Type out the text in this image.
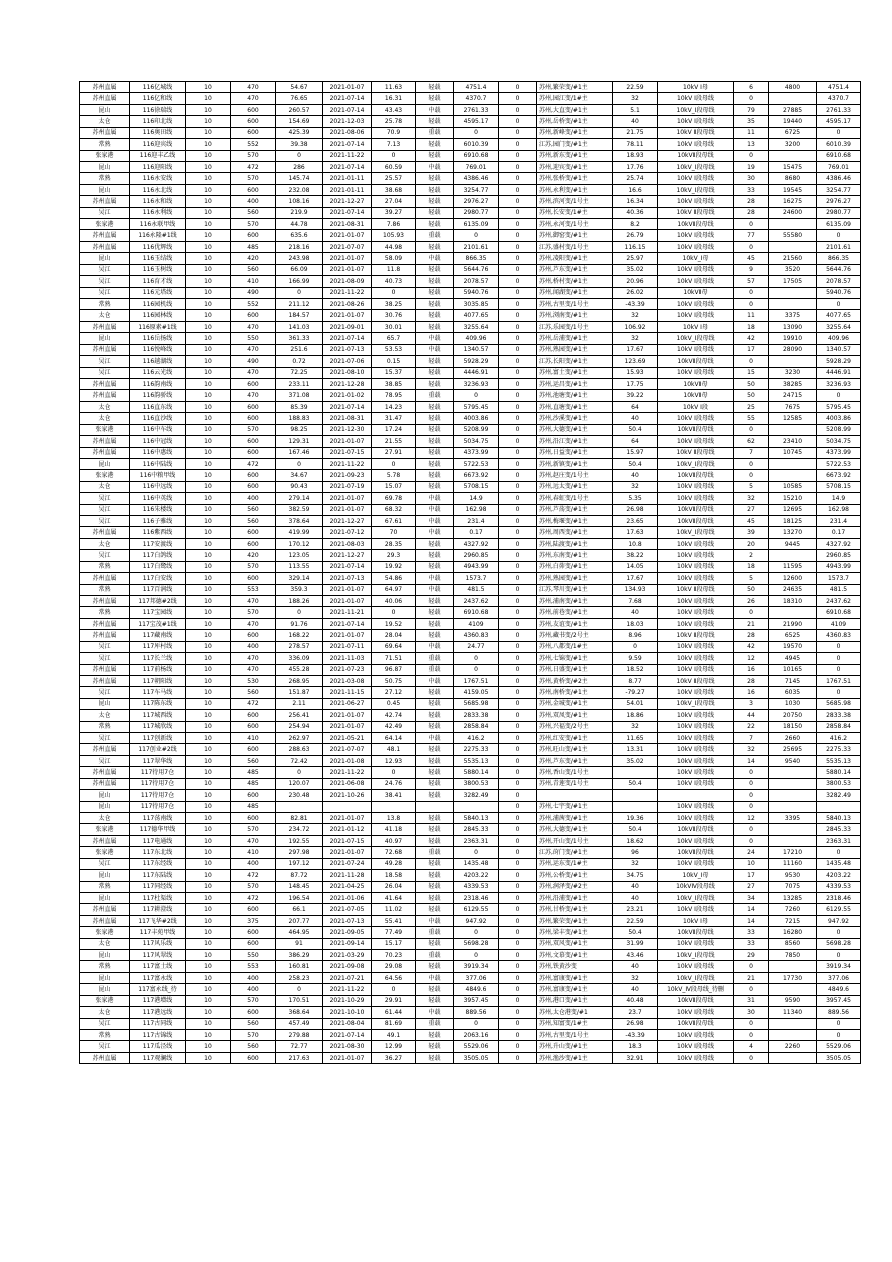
苏州直属	116亿城线	10	470	54.67	2021-01-07	11.63	轻载	4751.4	0	苏州,繁荣变/#1主	22.59	10kV Ⅰ母	6	4800	4751.4
苏州直属	116亿和线	10	470	76.65	2021-07-14	16.31	轻载	4370.7	0	苏州,园江变/1#主	32	10kV Ⅰ段母线	0		4370.7
昆山	116徐瑞线	10	600	260.57	2021-07-14	43.43	中载	2761.33	0	苏州,大直变/#1主	5.1	10kV_Ⅰ段母线	79	27885	2761.33
太仓	116印北线	10	600	154.69	2021-12-03	25.78	轻载	4595.17	0	苏州,岳桥变/#1主	40	10kV Ⅰ段母线	35	19440	4595.17
苏州直属	116奥田线	10	600	425.39	2021-08-06	70.9	重载	0	0	苏州,新峰变/#1主	21.75	10kV Ⅱ段母线	11	6725	0
常熟	116迎宾线	10	552	39.38	2021-07-14	7.13	轻载	6010.39	0	江苏,园门变/#1主	78.11	10kV Ⅰ段母线	13	3200	6010.39
张家港	116迎丰乙线	10	570	0	2021-11-22	0	轻载	6910.68	0	苏州,新东变/#1主	18.93	10kVⅡ段母线	0		6910.68
昆山	116迎阳线	10	472	286	2021-07-14	60.59	中载	769.01	0	苏州,迎宾变/#1主	17.76	10kV_Ⅰ段母线	19	15475	769.01
常熟	116永安线	10	570	145.74	2021-01-11	25.57	轻载	4386.46	0	苏州,张桥变/#1主	25.74	10kV Ⅰ段母线	30	8680	4386.46
昆山	116永北线	10	600	232.08	2021-01-11	38.68	轻载	3254.77	0	苏州,永利变/#1主	16.6	10kV_Ⅰ段母线	33	19545	3254.77
苏州直属	116永和线	10	400	108.16	2021-12-27	27.04	轻载	2976.27	0	苏州,滨河变/1号主	16.34	10kV Ⅰ段母线	28	16275	2976.27
吴江	116永利线	10	560	219.9	2021-07-14	39.27	轻载	2980.77	0	苏州,长安变/1#主	40.36	10kV Ⅱ段母线	28	24600	2980.77
张家港	116永联甲线	10	570	44.78	2021-08-31	7.86	轻载	6135.09	0	苏州,永河变/1号主	8.2	10kVⅡ段母线	0		6135.09
苏州直属	116永隆#1线	10	600	635.6	2021-01-07	105.93	重载	0	0	苏州,御窑变/#1主	26.79	10kV Ⅰ段母线	77	55580	0
苏州直属	116优辉线	10	485	218.16	2021-07-07	44.98	轻载	2101.61	0	江苏,盛村变/1号主	116.15	10kV Ⅰ段母线	0		2101.61
昆山	116玉结线	10	420	243.98	2021-01-07	58.09	中载	866.35	0	苏州,凌阳变/#1主	25.97	10kV_Ⅰ母	45	21560	866.35
吴江	116玉树线	10	560	66.09	2021-01-07	11.8	轻载	5644.76	0	苏州,芦东变/#1主	35.02	10kV Ⅰ段母线	9	3520	5644.76
吴江	116育才线	10	410	166.99	2021-08-09	40.73	轻载	2078.57	0	苏州,桥村变/#1主	20.96	10kV Ⅰ段母线	57	17505	2078.57
吴江	116元塔线	10	490	0	2021-11-22	0	轻载	5940.76	0	苏州,闻湖变/#1主	26.02	10kVⅡ母	0		5940.76
常熟	116园机线	10	552	211.12	2021-08-26	38.25	轻载	3035.85	0	苏州,古里变/1号主	-43.39	10kV Ⅰ段母线	0		0
太仓	116园林线	10	600	184.57	2021-01-07	30.76	轻载	4077.65	0	苏州,浏南变/#1主	32	10kV Ⅰ段母线	11	3375	4077.65
苏州直属	116原素#1线	10	470	141.03	2021-09-01	30.01	轻载	3255.64	0	江苏,乐园变/1号主	106.92	10kV Ⅰ母	18	13090	3255.64
昆山	116岳扬线	10	550	361.33	2021-07-14	65.7	中载	409.96	0	苏州,岳浦变/#1主	32	10kV_Ⅰ段母线	42	19910	409.96
苏州直属	116悦峰线	10	470	251.6	2021-07-13	53.53	中载	1340.57	0	苏州,熟园变/#1主	17.67	10kV Ⅰ段母线	17	28090	1340.57
吴江	116越湖线	10	490	0.72	2021-07-06	0.15	轻载	5928.29	0	江苏,长阳变/#1主	123.69	10kVⅡ段母线	0		5928.29
吴江	116云光线	10	470	72.25	2021-08-10	15.37	轻载	4446.91	0	苏州,富土变/#1主	15.93	10kV Ⅰ段母线	15	3230	4446.91
苏州直属	116韵南线	10	600	233.11	2021-12-28	38.85	轻载	3236.93	0	苏州,运昌变/#1主	17.75	10kVⅡ母	50	38285	3236.93
苏州直属	116韵骄线	10	470	371.08	2021-01-02	78.95	重载	0	0	苏州,池塘变/#1主	39.22	10kVⅡ母	50	24715	0
太仓	116直东线	10	600	85.39	2021-07-14	14.23	轻载	5795.45	0	苏州,直塘变/#1主	64	10kV Ⅰ段	25	7675	5795.45
太仓	116直沙线	10	600	188.83	2021-08-31	31.47	轻载	4003.86	0	苏州,沙溪变/#1主	40	10kV Ⅰ段母线	55	12585	4003.86
张家港	116中车线	10	570	98.25	2021-12-30	17.24	轻载	5208.99	0	苏州,大德变/#1主	50.4	10kVⅡ段母线	0		5208.99
苏州直属	116中冠线	10	600	129.31	2021-01-07	21.55	轻载	5034.75	0	苏州,沿江变/#1主	64	10kV Ⅰ段母线	62	23410	5034.75
苏州直属	116中惠线	10	600	167.46	2021-07-15	27.91	轻载	4373.99	0	苏州,日益变/#1主	15.97	10kV Ⅱ段母线	7	10745	4373.99
昆山	116中陆线	10	472	0	2021-11-22	0	轻载	5722.53	0	苏州,新镇变/#1主	50.4	10kV_Ⅰ段母线	0		5722.53
张家港	116中粮甲线	10	600	34.67	2021-09-23	5.78	轻载	6673.92	0	苏州,赵庄变/1号主	40	10kVⅡ段母线	0		6673.92
太仓	116中远线	10	600	90.43	2021-07-19	15.07	轻载	5708.15	0	苏州,远太变/#1主	32	10kV Ⅰ段母线	5	10585	5708.15
吴江	116中英线	10	400	279.14	2021-01-07	69.78	中载	14.9	0	苏州,春虹变/1号主	5.35	10kV Ⅰ段母线	32	15210	14.9
吴江	116朱楼线	10	560	382.59	2021-01-07	68.32	中载	162.98	0	苏州,芦荡变/#1主	26.98	10kVⅡ段母线	27	12695	162.98
吴江	116子雅线	10	560	378.64	2021-12-27	67.61	中载	231.4	0	苏州,梅堰变/#1主	23.65	10kVⅡ段母线	45	18125	231.4
苏州直属	116紫西线	10	600	419.99	2021-07-12	70	中载	0.17	0	苏州,周西变/#1主	17.63	10kV_Ⅰ段母线	39	13270	0.17
太仓	117安渡线	10	600	170.12	2021-08-03	28.35	轻载	4327.92	0	苏州,陆渡变/#1主	10.8	10kV Ⅰ段母线	20	9445	4327.92
吴江	117白鸽线	10	420	123.05	2021-12-27	29.3	轻载	2960.85	0	苏州,东南变/#1主	38.22	10kV Ⅰ段母线	2		2960.85
常熟	117白鹭线	10	570	113.55	2021-07-14	19.92	轻载	4943.99	0	苏州,白茆变/#1主	14.05	10kV Ⅰ段母线	18	11595	4943.99
苏州直属	117白安线	10	600	329.14	2021-07-13	54.86	中载	1573.7	0	苏州,熟园变/#1主	17.67	10kV Ⅰ段母线	5	12600	1573.7
常熟	117百润线	10	553	359.3	2021-01-07	64.97	中载	481.5	0	江苏,琴川变/#1主	134.93	10kV Ⅱ段母线	50	24635	481.5
苏州直属	117邦德#2线	10	470	188.26	2021-01-07	40.06	轻载	2437.62	0	苏州,浦南变/#1主	7.68	10kV Ⅰ段母线	26	18310	2437.62
常熟	117宝园线	10	570	0	2021-11-21	0	轻载	6910.68	0	苏州,前巷变/#1主	40	10kV Ⅰ段母线	0		6910.68
苏州直属	117宝茂#1线	10	470	91.76	2021-07-14	19.52	轻载	4109	0	苏州,友谊变/#1主	18.03	10kV Ⅰ段母线	21	21990	4109
苏州直属	117藏南线	10	600	168.22	2021-01-07	28.04	轻载	4360.83	0	苏州,藏书变/2号主	8.96	10kV Ⅱ段母线	28	6525	4360.83
吴江	117厍村线	10	400	278.57	2021-07-11	69.64	中载	24.77	0	苏州,八都变/1#主	0	10kV Ⅰ段母线	42	19570	0
吴江	117长兰线	10	470	336.09	2021-11-03	71.51	重载	0	0	苏州,七锦变/#1主	9.59	10kV Ⅰ段母线	12	4945	0
苏州直属	117前杨线	10	470	455.28	2021-07-23	96.87	重载	0	0	苏州,日盛变/#1主	18.52	10kV Ⅰ段母线	16	10165	0
苏州直属	117朝阳线	10	530	268.95	2021-03-08	50.75	中载	1767.51	0	苏州,黄桥变/#2主	8.77	10kV Ⅱ段母线	28	7145	1767.51
吴江	117车马线	10	560	151.87	2021-11-15	27.12	轻载	4159.05	0	苏州,南桥变/#1主	-79.27	10kV Ⅰ段母线	16	6035	0
昆山	117陈东线	10	472	2.11	2021-06-27	0.45	轻载	5685.98	0	苏州,金城变/#1主	54.01	10kV_Ⅰ段母线	3	1030	5685.98
太仓	117城西线	10	600	256.41	2021-01-07	42.74	轻载	2833.38	0	苏州,双凤变/#1主	18.86	10kV Ⅰ段母线	44	20750	2833.38
常熟	117城欣线	10	600	254.94	2021-01-07	42.49	轻载	2858.84	0	苏州,兴福变/2号主	32	10kV Ⅰ段母线	22	18150	2858.84
吴江	117创新线	10	410	262.97	2021-05-21	64.14	中载	416.2	0	苏州,红安变/#1主	11.65	10kV Ⅰ段母线	7	2660	416.2
苏州直属	117创业#2线	10	600	288.63	2021-07-07	48.1	轻载	2275.33	0	苏州,旺山变/#1主	13.31	10kV Ⅰ段母线	32	25695	2275.33
吴江	117翠华线	10	560	72.42	2021-01-08	12.93	轻载	5535.13	0	苏州,芦东变/#1主	35.02	10kV Ⅰ段母线	14	9540	5535.13
苏州直属	117待用7仓	10	485	0	2021-11-22	0	轻载	5880.14	0	苏州,香山变/1号主		10kV Ⅰ段母线	0		5880.14
苏州直属	117待用7仓	10	485	120.07	2021-06-08	24.76	轻载	3800.53	0	苏州,青莲变/1号主	50.4	10kV Ⅰ段母线	0		3800.53
昆山	117待用7仓	10	600	230.48	2021-10-26	38.41	轻载	3282.49	0				0		3282.49
昆山	117待用7仓	10	485						0	苏州,七宇变/#1主		10kV Ⅰ段母线	0		
太仓	117荡南线	10	600	82.81	2021-01-07	13.8	轻载	5840.13	0	苏州,浦茜变/#1主	19.36	10kV Ⅰ段母线	12	3395	5840.13
张家港	117德华甲线	10	570	234.72	2021-01-12	41.18	轻载	2845.33	0	苏州,大德变/#1主	50.4	10kVⅡ段母线	0		2845.33
苏州直属	117电通线	10	470	192.55	2021-07-15	40.97	轻载	2363.31	0	苏州,开山变/1号主	18.62	10kV Ⅰ段母线	0		2363.31
张家港	117东北线	10	410	297.98	2021-01-07	72.68	重载	0	0	江苏,莳门变/#1主	96	10kVⅡ段母线	24	17210	0
吴江	117东经线	10	400	197.12	2021-07-24	49.28	轻载	1435.48	0	苏州,运东变/1#主	32	10kV Ⅰ段母线	10	11160	1435.48
昆山	117东陆线	10	472	87.72	2021-11-28	18.58	轻载	4203.22	0	苏州,公桥变/#1主	34.75	10kV_Ⅰ母	17	9530	4203.22
常熟	117同经线	10	570	148.45	2021-04-25	26.04	轻载	4339.53	0	苏州,润泽变/#2主	40	10kVⅣ段母线	27	7075	4339.53
昆山	117杜渠线	10	472	196.54	2021-01-06	41.64	轻载	2318.46	0	苏州,沿浦变/#1主	40	10kV_Ⅰ段母线	34	13285	2318.46
苏州直属	117耕澄线	10	600	66.1	2021-07-05	11.02	轻载	6129.55	0	苏州,甘桥变/#1主	23.21	10kV Ⅰ段母线	14	7260	6129.55
苏州直属	117飞华#2线	10	375	207.77	2021-07-13	55.41	中载	947.92	0	苏州,繁荣变/#1主	22.59	10kV Ⅰ母	14	7215	947.92
张家港	117丰苑甲线	10	600	464.95	2021-09-05	77.49	重载	0	0	苏州,梁丰变/#1主	50.4	10kVⅡ段母线	33	16280	0
太仓	117风乐线	10	600	91	2021-09-14	15.17	轻载	5698.28	0	苏州,双风变/#1主	31.99	10kV Ⅰ段母线	33	8560	5698.28
昆山	117风翠线	10	550	386.29	2021-03-29	70.23	重载	0	0	苏州,文慕变/#1主	43.46	10kV_Ⅰ段母线	29	7850	0
常熟	117富土线	10	553	160.81	2021-09-08	29.08	轻载	3919.34	0	苏州,铁黄沙变	40	10kV Ⅰ段母线	0		3919.34
昆山	117富永线	10	400	258.23	2021-07-21	64.56	中载	377.06	0	苏州,富康变/#1主	32	10kV_Ⅰ段母线	21	17730	377.06
昆山	117富永线_待	10	400	0	2021-11-22	0	轻载	4849.6	0	苏州,富康变/#1主	40	10kV_Ⅳ段母线_待删	0		4849.6
张家港	117港增线	10	570	170.51	2021-10-29	29.91	轻载	3957.45	0	苏州,港口变/#1主	40.48	10kVⅡ段母线	31	9590	3957.45
太仓	117港远线	10	600	368.64	2021-10-10	61.44	中载	889.56	0	苏州,太仓港变/#1	23.7	10kV Ⅰ段母线	30	11340	889.56
吴江	117古同线	10	560	457.49	2021-08-04	81.69	重载	0	0	苏州,知富变/1#主	26.98	10kVⅡ段母线	0		0
常熟	117古锦线	10	570	279.88	2021-07-14	49.1	轻载	2063.16	0	苏州,古里变/1号主	-43.39	10kV Ⅰ段母线	0		0
吴江	117瓜泾线	10	560	72.77	2021-08-30	12.99	轻载	5529.06	0	苏州,升山变/#1主	18.3	10kV Ⅰ段母线	4	2260	5529.06
苏州直属	117观澜线	10	600	217.63	2021-01-07	36.27	轻载	3505.05	0	苏州,渔沙变/#1主	32.91	10kV Ⅰ段母线	0		3505.05
